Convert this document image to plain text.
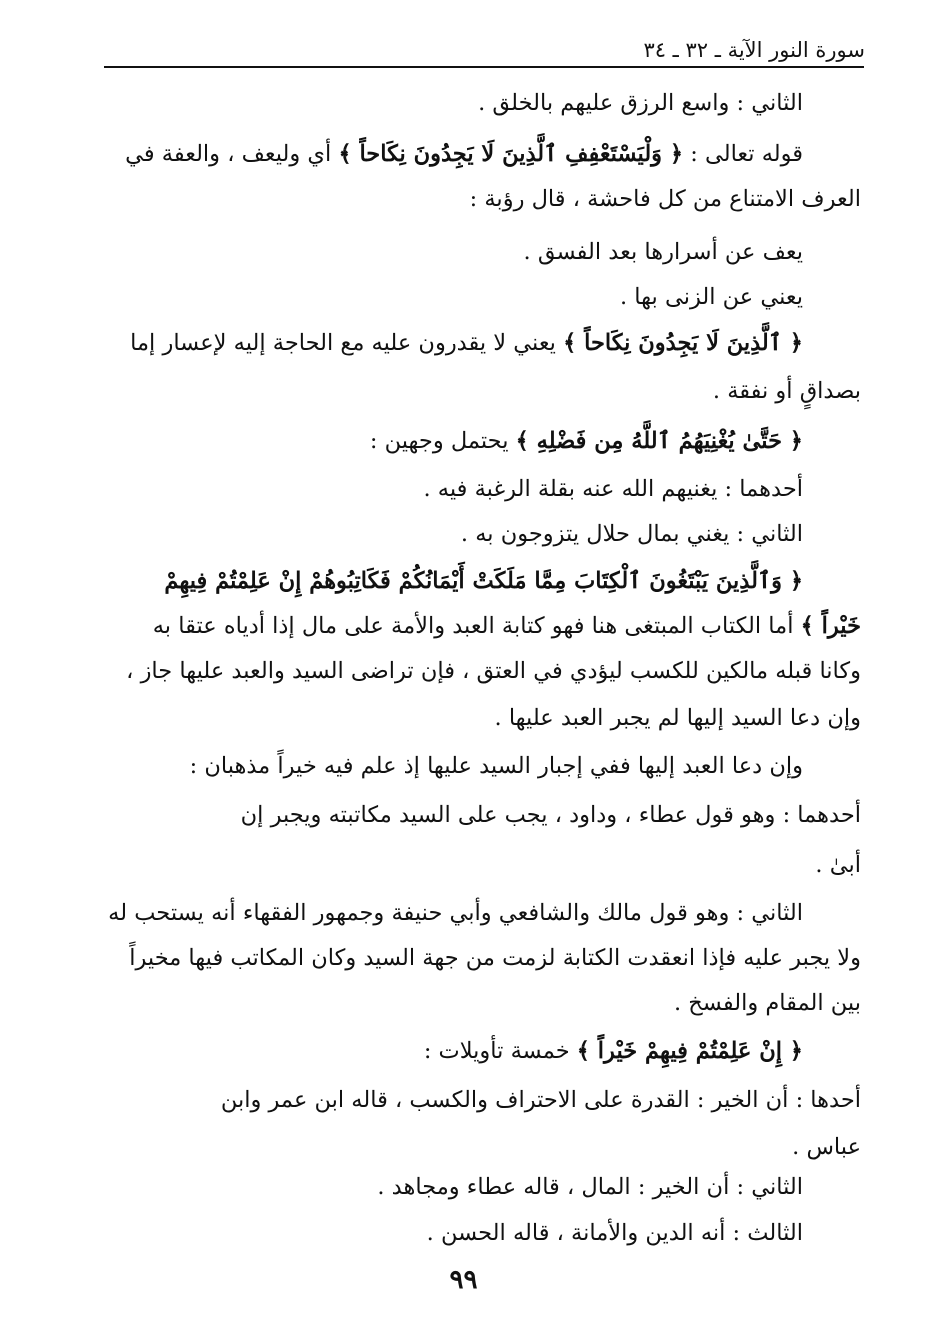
سورة النور الآية ـ ٣٢ ـ ٣٤
الثاني : واسع الرزق عليهم بالخلق .
قوله تعالى : ﴿ وَلْيَسْتَعْفِفِ ٱلَّذِينَ لَا يَجِدُونَ نِكَاحاً ﴾ أي وليعف ، والعفة في
العرف الامتناع من كل فاحشة ، قال رؤبة :
يعف عن أسرارها بعد الفسق .
يعني عن الزنى بها .
﴿ ٱلَّذِينَ لَا يَجِدُونَ نِكَاحاً ﴾ يعني لا يقدرون عليه مع الحاجة إليه لإعسار إما
بصداقٍ أو نفقة .
﴿ حَتَّىٰ يُغْنِيَهُمُ ٱللَّهُ مِن فَضْلِهِ ﴾ يحتمل وجهين :
أحدهما : يغنيهم الله عنه بقلة الرغبة فيه .
الثاني : يغني بمال حلال يتزوجون به .
﴿ وَٱلَّذِينَ يَبْتَغُونَ ٱلْكِتَابَ مِمَّا مَلَكَتْ أَيْمَانُكُمْ فَكَاتِبُوهُمْ إِنْ عَلِمْتُمْ فِيهِمْ
خَيْراً ﴾ أما الكتاب المبتغى هنا فهو كتابة العبد والأمة على مال إذا أدياه عتقا به
وكانا قبله مالكين للكسب ليؤدي في العتق ، فإن تراضى السيد والعبد عليها جاز ،
وإن دعا السيد إليها لم يجبر العبد عليها .
وإن دعا العبد إليها ففي إجبار السيد عليها إذ علم فيه خيراً مذهبان :
أحدهما : وهو قول عطاء ، وداود ، يجب على السيد مكاتبته ويجبر إن
أبىٰ .
الثاني : وهو قول مالك والشافعي وأبي حنيفة وجمهور الفقهاء أنه يستحب له
ولا يجبر عليه فإذا انعقدت الكتابة لزمت من جهة السيد وكان المكاتب فيها مخيراً
بين المقام والفسخ .
﴿ إِنْ عَلِمْتُمْ فِيهِمْ خَيْراً ﴾ خمسة تأويلات :
أحدها : أن الخير : القدرة على الاحتراف والكسب ، قاله ابن عمر وابن
عباس .
الثاني : أن الخير : المال ، قاله عطاء ومجاهد .
الثالث : أنه الدين والأمانة ، قاله الحسن .
٩٩
